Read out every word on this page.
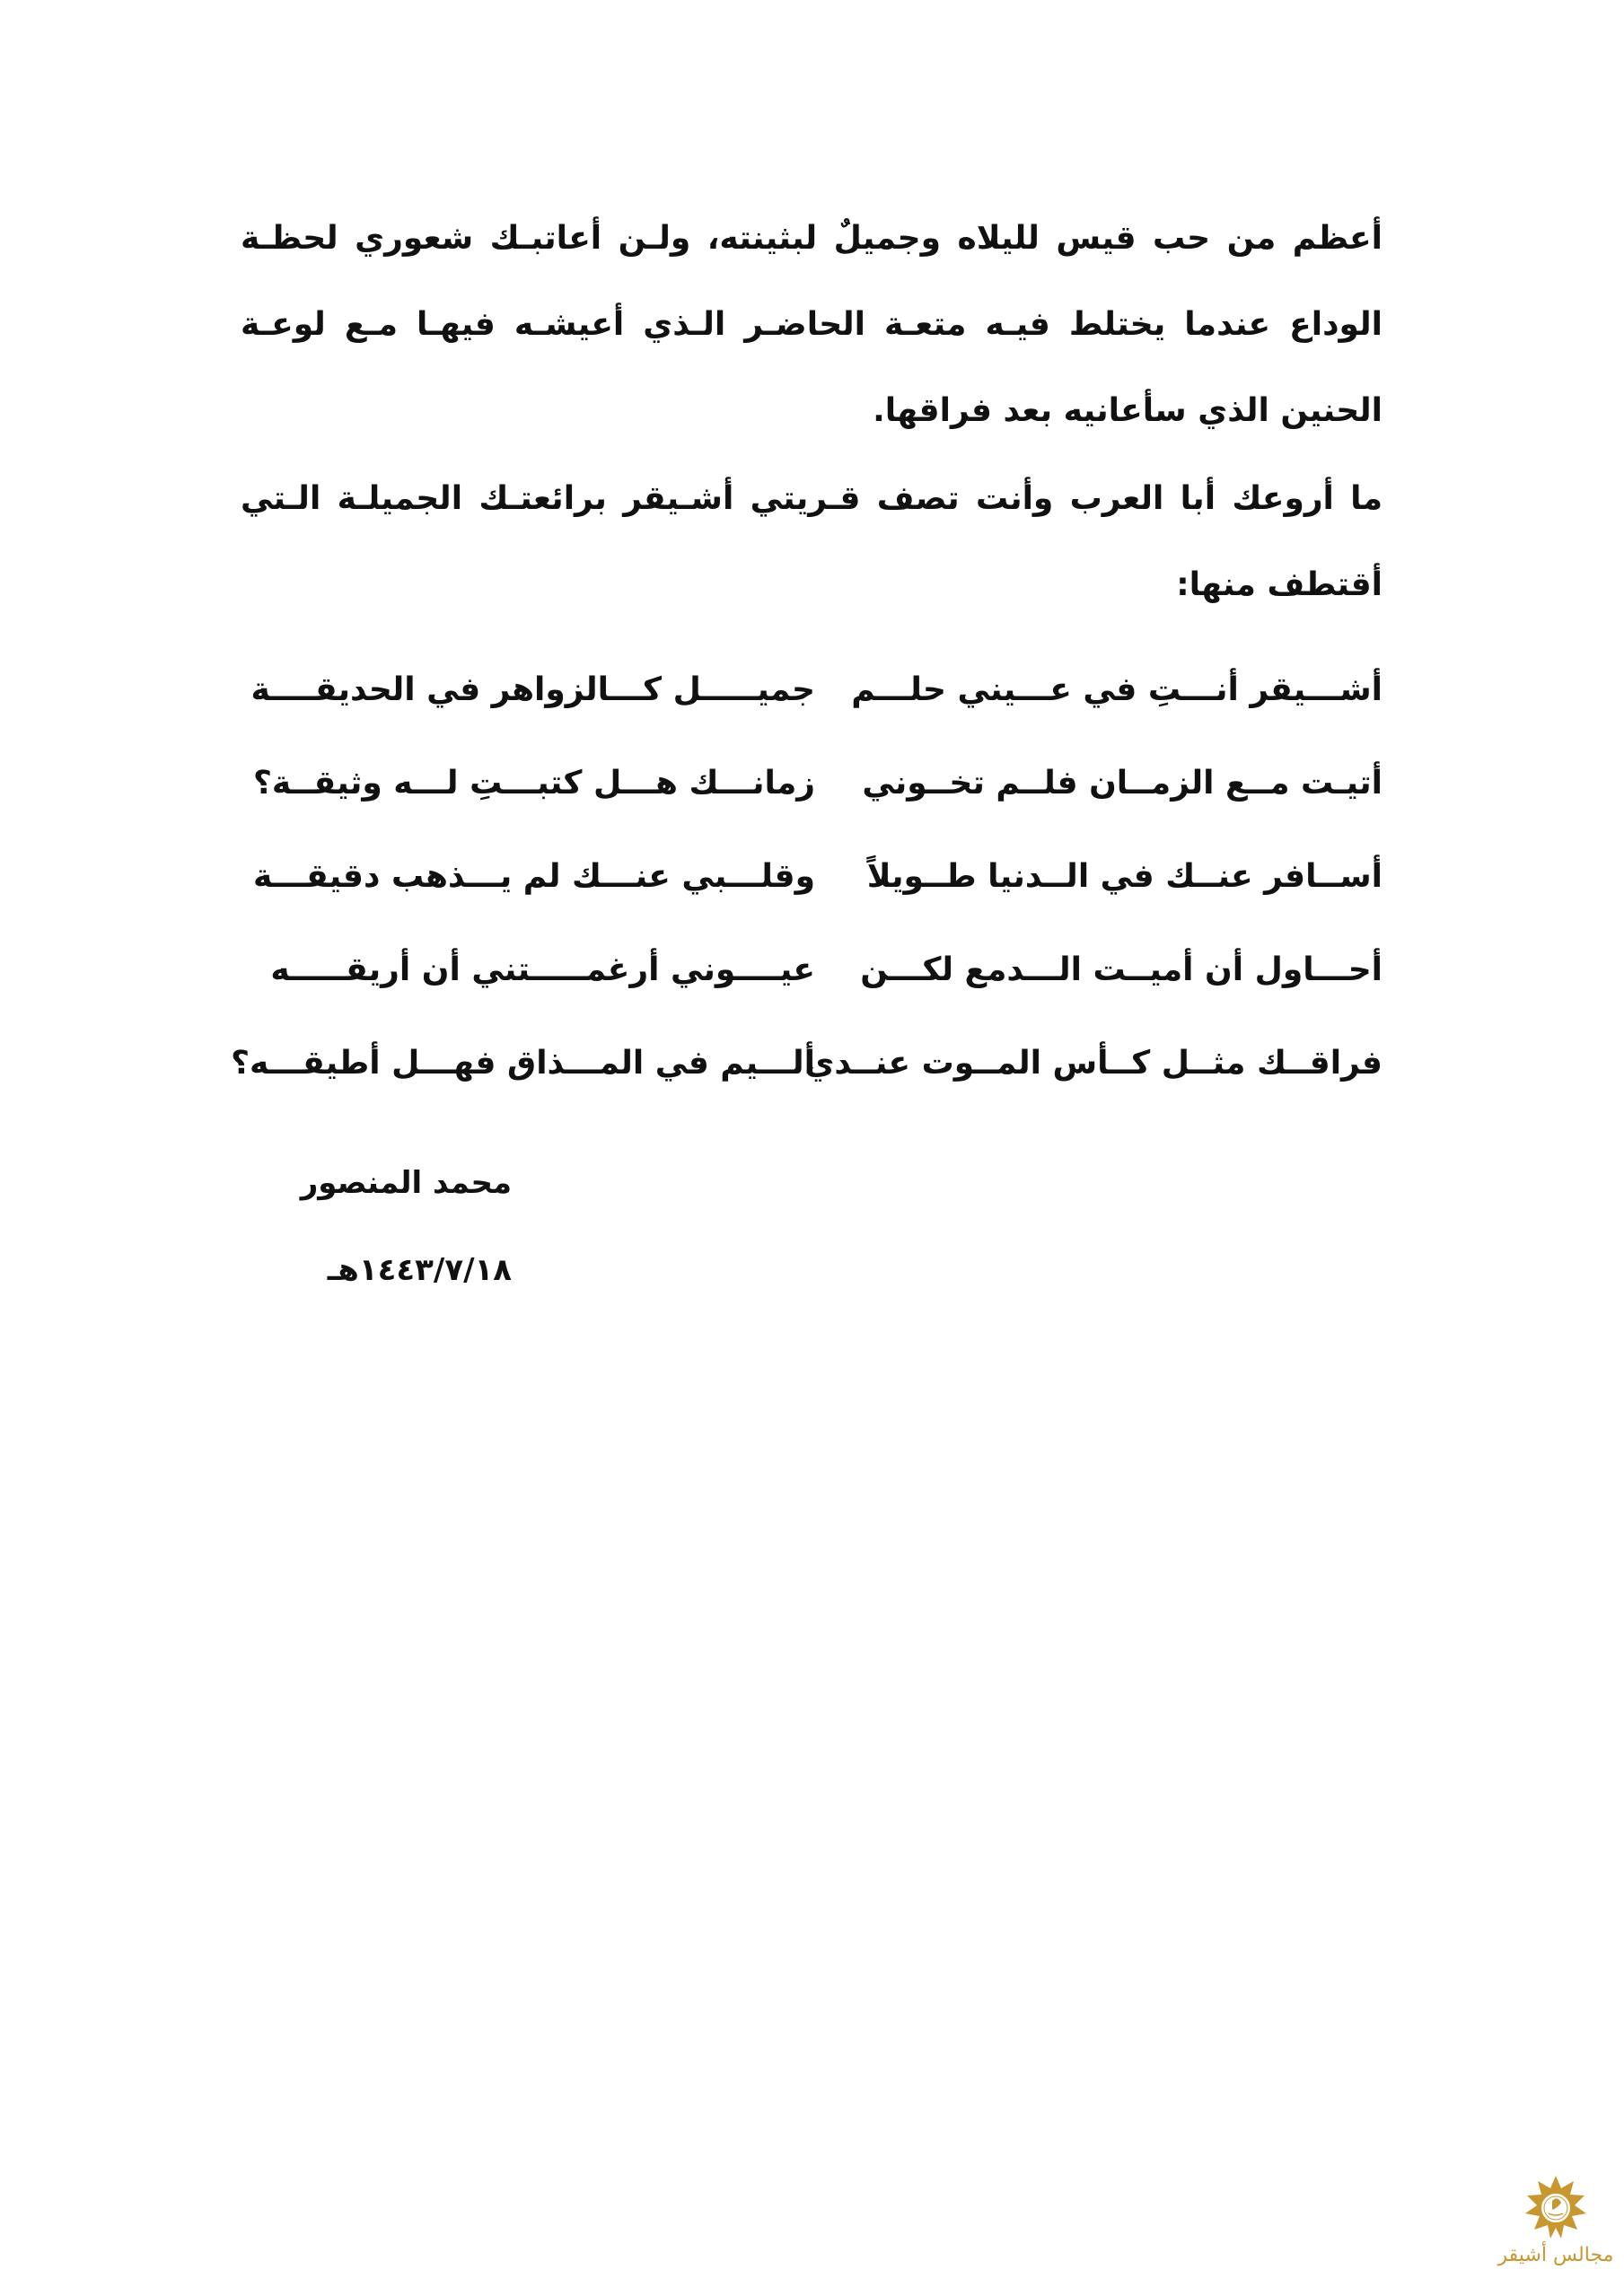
أعظم من حب قيس لليلاه وجميلٌ لبثينته، ولـن أعاتبـك شعوري لحظـة
الوداع عندما يختلط فيـه متعـة الحاضـر الـذي أعيشـه فيهـا مـع لوعـة
الحنين الذي سأعانيه بعد فراقها.
ما أروعك أبا العرب وأنت تصف قـريتي أشـيقر برائعتـك الجميلـة الـتي
أقتطف منها:
أشـــيقر أنـــتِ في عـــيني حلـــم
جميـــــل كـــالزواهر في الحديقــــة
أتيـت مــع الزمــان فلــم تخــوني
زمانـــك هـــل كتبـــتِ لـــه وثيقــة؟
أســافر عنــك في الــدنيا طــويلاً
وقلـــبي عنـــك لم يـــذهب دقيقـــة
أحـــاول أن أميــت الـــدمع لكـــن
عيــــوني أرغمـــــتني أن أريقـــــه
فراقــك مثــل كــأس المــوت عنــدي
ألـــيم في المـــذاق فهـــل أطيقـــه؟

محمد المنصور

١٤٤٣/٧/١٨هـ

مجالس أشيقر
